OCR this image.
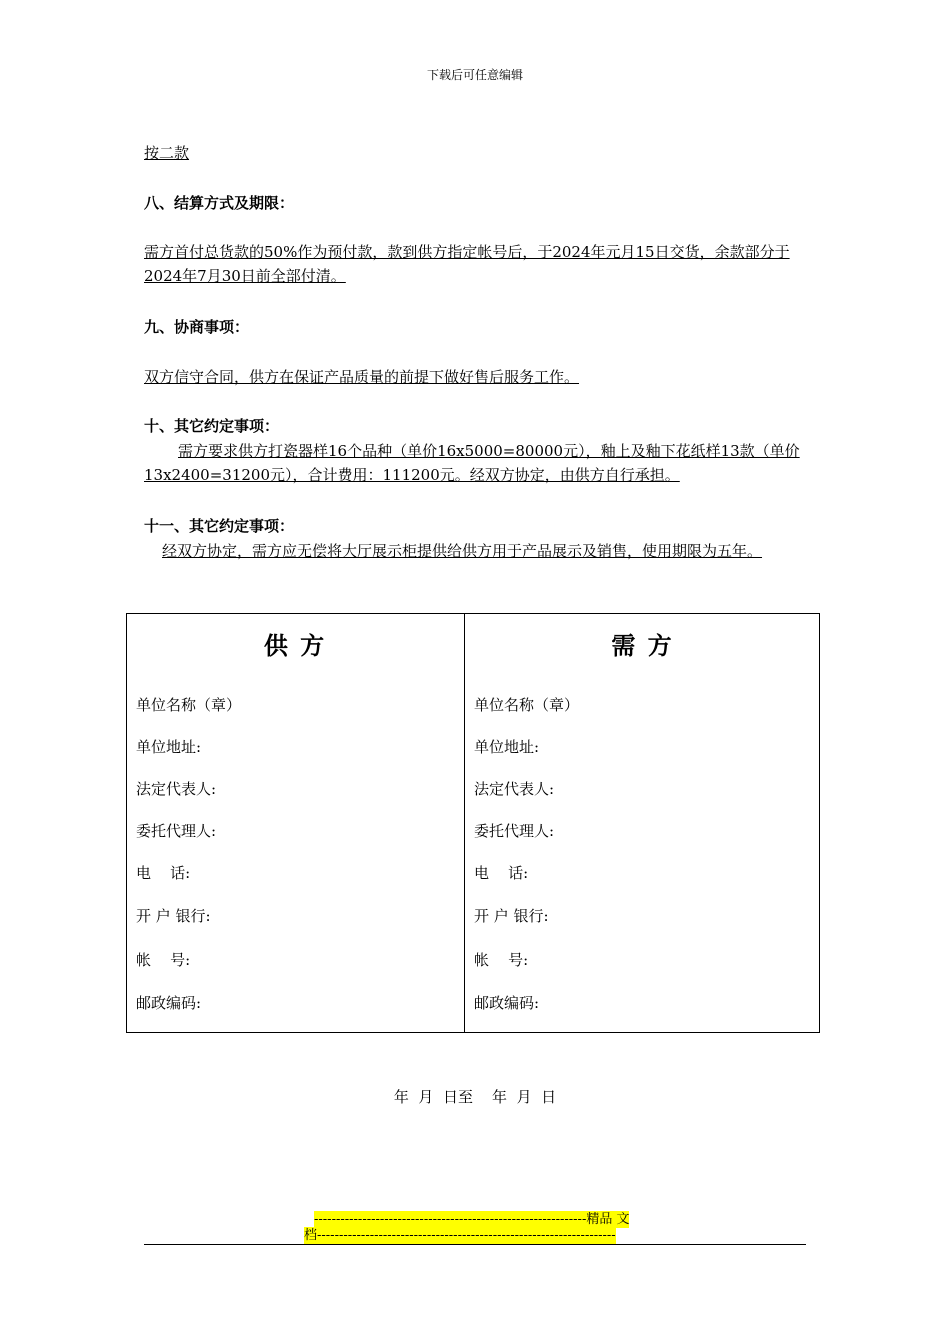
下载后可任意编辑
按二款
八、结算方式及期限：
需方首付总货款的50%作为预付款，款到供方指定帐号后，于2024年元月15日交货，余款部分于2024年7月30日前全部付清。
九、协商事项：
双方信守合同，供方在保证产品质量的前提下做好售后服务工作。
十、其它约定事项：
需方要求供方打瓷器样16个品种（单价16x5000=80000元），釉上及釉下花纸样13款（单价13x2400=31200元），合计费用：111200元。经双方协定，由供方自行承担。
十一、其它约定事项：
经双方协定，需方应无偿将大厅展示柜提供给供方用于产品展示及销售，使用期限为五年。
供 方	需 方
单位名称（章）
单位地址:
法定代表人:
委托代理人:
电    话:
开 户 银行:
帐    号:
邮政编码:
单位名称（章）
单位地址:
法定代表人:
委托代理人:
电    话:
开 户 银行:
帐    号:
邮政编码:
年  月  日至    年  月  日
--------------------------------------------------------------精品 文
档--------------------------------------------------------------------
